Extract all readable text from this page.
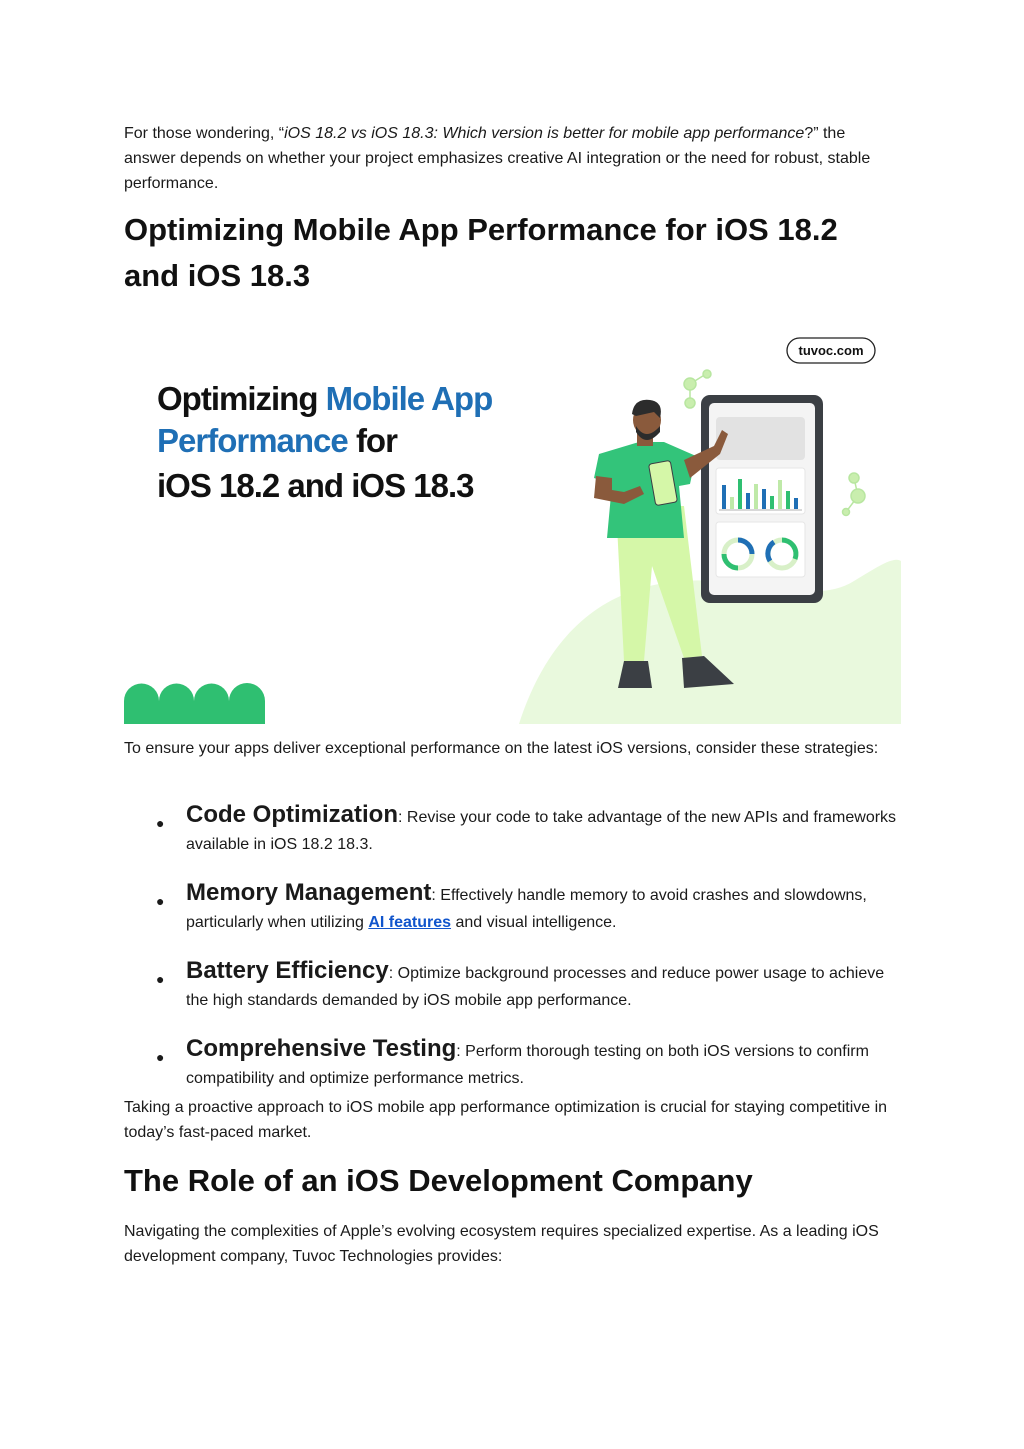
For those wondering, “iOS 18.2 vs iOS 18.3: Which version is better for mobile app performance?” the answer depends on whether your project emphasizes creative AI integration or the need for robust, stable performance.

Optimizing Mobile App Performance for iOS 18.2 and iOS 18.3
tuvoc.com
Optimizing Mobile App
Performance for
iOS 18.2 and iOS 18.3

To ensure your apps deliver exceptional performance on the latest iOS versions, consider these strategies:

● Code Optimization: Revise your code to take advantage of the new APIs and frameworks available in iOS 18.2 18.3.
● Memory Management: Effectively handle memory to avoid crashes and slowdowns, particularly when utilizing AI features and visual intelligence.
● Battery Efficiency: Optimize background processes and reduce power usage to achieve the high standards demanded by iOS mobile app performance.
● Comprehensive Testing: Perform thorough testing on both iOS versions to confirm compatibility and optimize performance metrics.

Taking a proactive approach to iOS mobile app performance optimization is crucial for staying competitive in today’s fast-paced market.

The Role of an iOS Development Company

Navigating the complexities of Apple’s evolving ecosystem requires specialized expertise. As a leading iOS development company, Tuvoc Technologies provides:
